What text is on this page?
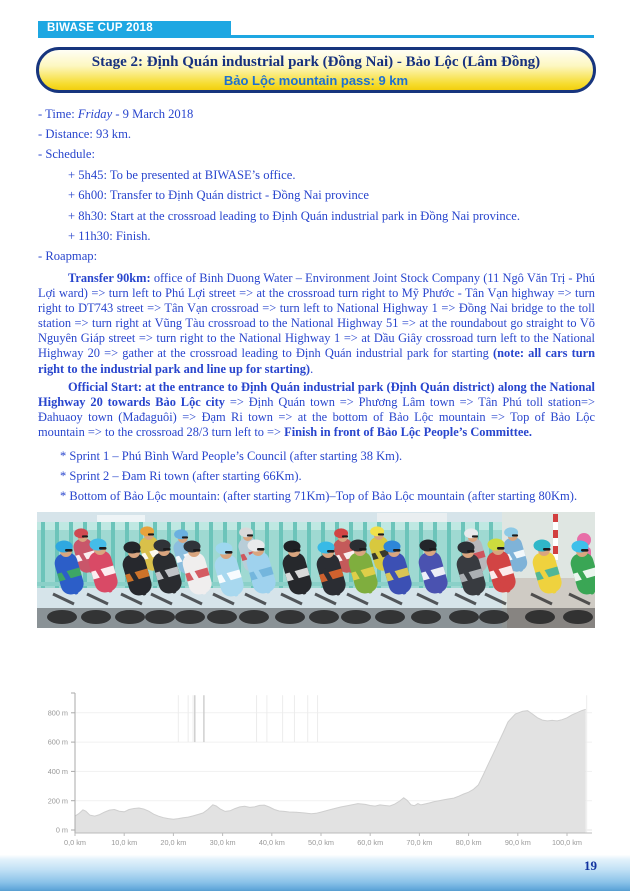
BIWASE CUP 2018
Stage 2: Định Quán industrial park (Đồng Nai) - Bảo Lộc (Lâm Đồng)
Bảo Lộc mountain pass: 9 km
- Time: Friday - 9 March 2018
- Distance: 93 km.
- Schedule:
+ 5h45: To be presented at BIWASE’s office.
+ 6h00: Transfer to Định Quán district - Đồng Nai province
+ 8h30: Start at the crossroad leading to Định Quán industrial park in Đồng Nai province.
+ 11h30: Finish.
- Roapmap:

Transfer 90km: office of Binh Duong Water – Environment Joint Stock Company (11 Ngô Văn Trị - Phú Lợi ward) => turn left to Phú Lợi street => at the crossroad turn right to Mỹ Phước - Tân Vạn highway => turn right to DT743 street => Tân Vạn crossroad => turn left to National Highway 1 => Đồng Nai bridge to the toll station => turn right at Vũng Tàu crossroad to the National Highway 51 => at the roundabout go straight to Võ Nguyên Giáp street => turn right to the National Highway 1 => at Dầu Giây crossroad turn left to the National Highway 20 => gather at the crossroad leading to Định Quán industrial park for starting (note: all cars turn right to the industrial park and line up for starting).

Official Start: at the entrance to Định Quán industrial park (Định Quán district) along the National Highway 20 towards Bảo Lộc city => Định Quán town => Phương Lâm town => Tân Phú toll station=> Đahuaoy town (Mađaguôi) => Đạm Ri town => at the bottom of Bảo Lộc mountain => Top of Bảo Lộc mountain => to the crossroad 28/3 turn left to => Finish in front of Bảo Lộc People’s Committee.

* Sprint 1 – Phú Bình Ward People’s Council (after starting 38 Km).
* Sprint 2 – Đam Ri town (after starting 66Km).
* Bottom of Bảo Lộc mountain: (after starting 71Km)–Top of Bảo Lộc mountain (after starting 80Km).
0 m
200 m
400 m
600 m
800 m
0,0 km	10,0 km	20,0 km	30,0 km	40,0 km	50,0 km	60,0 km	70,0 km	80,0 km	90,0 km	100,0 km
19
